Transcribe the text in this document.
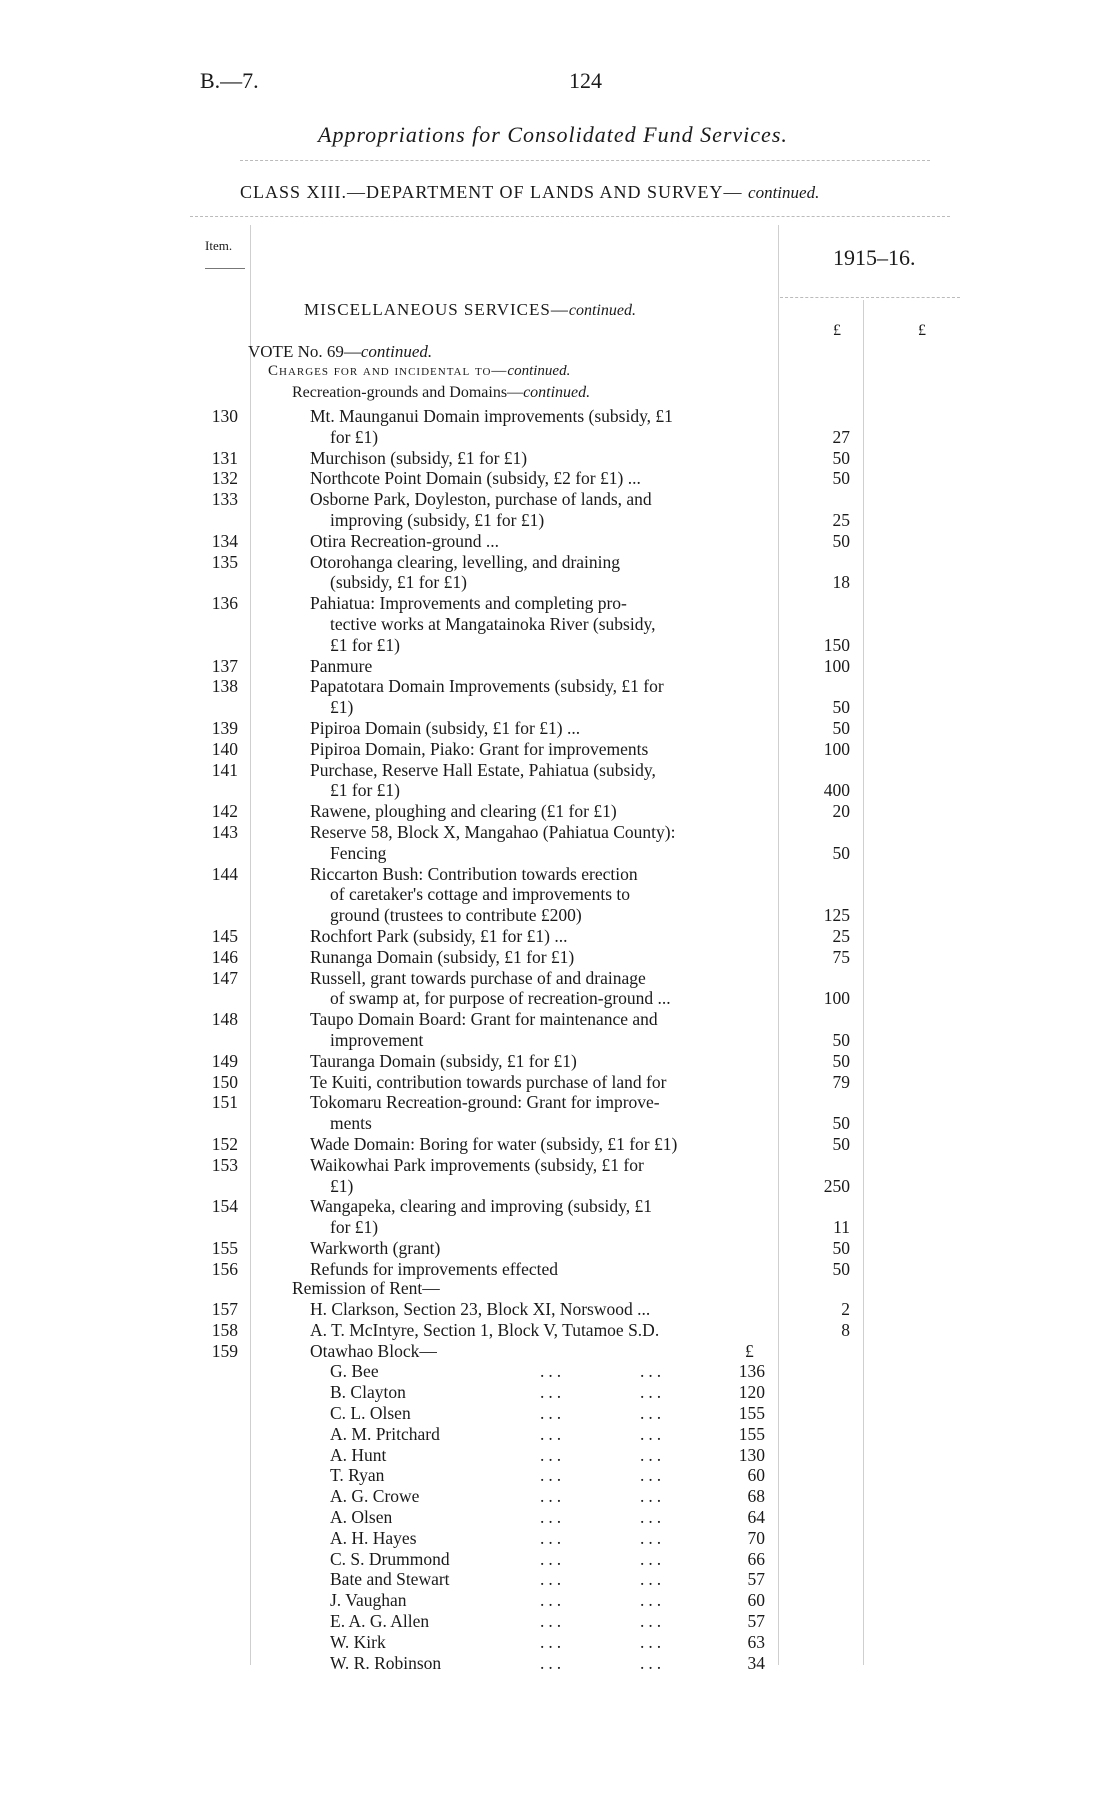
B.—7.	124
Appropriations for Consolidated Fund Services.
CLASS XIII.—DEPARTMENT OF LANDS AND SURVEY— continued.
Item.	1915–16.
£	£
MISCELLANEOUS SERVICES—continued.
VOTE No. 69—continued.
Charges for and incidental to—continued.
Recreation-grounds and Domains—continued.
130	Mt. Maunganui Domain improvements (subsidy, £1
for £1)	27
131	Murchison (subsidy, £1 for £1)	50
132	Northcote Point Domain (subsidy, £2 for £1) ...	50
133	Osborne Park, Doyleston, purchase of lands, and
improving (subsidy, £1 for £1)	25
134	Otira Recreation-ground ...	50
135	Otorohanga clearing, levelling, and draining
(subsidy, £1 for £1)	18
136	Pahiatua: Improvements and completing pro-
tective works at Mangatainoka River (subsidy,
£1 for £1)	150
137	Panmure	100
138	Papatotara Domain Improvements (subsidy, £1 for
£1)	50
139	Pipiroa Domain (subsidy, £1 for £1) ...	50
140	Pipiroa Domain, Piako: Grant for improvements	100
141	Purchase, Reserve Hall Estate, Pahiatua (subsidy,
£1 for £1)	400
142	Rawene, ploughing and clearing (£1 for £1)	20
143	Reserve 58, Block X, Mangahao (Pahiatua County):
Fencing	50
144	Riccarton Bush: Contribution towards erection
of caretaker's cottage and improvements to
ground (trustees to contribute £200)	125
145	Rochfort Park (subsidy, £1 for £1) ...	25
146	Runanga Domain (subsidy, £1 for £1)	75
147	Russell, grant towards purchase of and drainage
of swamp at, for purpose of recreation-ground ...	100
148	Taupo Domain Board: Grant for maintenance and
improvement	50
149	Tauranga Domain (subsidy, £1 for £1)	50
150	Te Kuiti, contribution towards purchase of land for	79
151	Tokomaru Recreation-ground: Grant for improve-
ments	50
152	Wade Domain: Boring for water (subsidy, £1 for £1)	50
153	Waikowhai Park improvements (subsidy, £1 for
£1)	250
154	Wangapeka, clearing and improving (subsidy, £1
for £1)	11
155	Warkworth (grant)	50
156	Refunds for improvements effected	50
Remission of Rent—
157	H. Clarkson, Section 23, Block XI, Norswood ...	2
158	A. T. McIntyre, Section 1, Block V, Tutamoe S.D.	8
159	Otawhao Block—	£
G. Bee	...	...	136
B. Clayton	...	...	120
C. L. Olsen	...	...	155
A. M. Pritchard	...	...	155
A. Hunt	...	...	130
T. Ryan	...	...	60
A. G. Crowe	...	...	68
A. Olsen	...	...	64
A. H. Hayes	...	...	70
C. S. Drummond	...	...	66
Bate and Stewart	...	...	57
J. Vaughan	...	...	60
E. A. G. Allen	...	...	57
W. Kirk	...	...	63
W. R. Robinson	...	...	34
